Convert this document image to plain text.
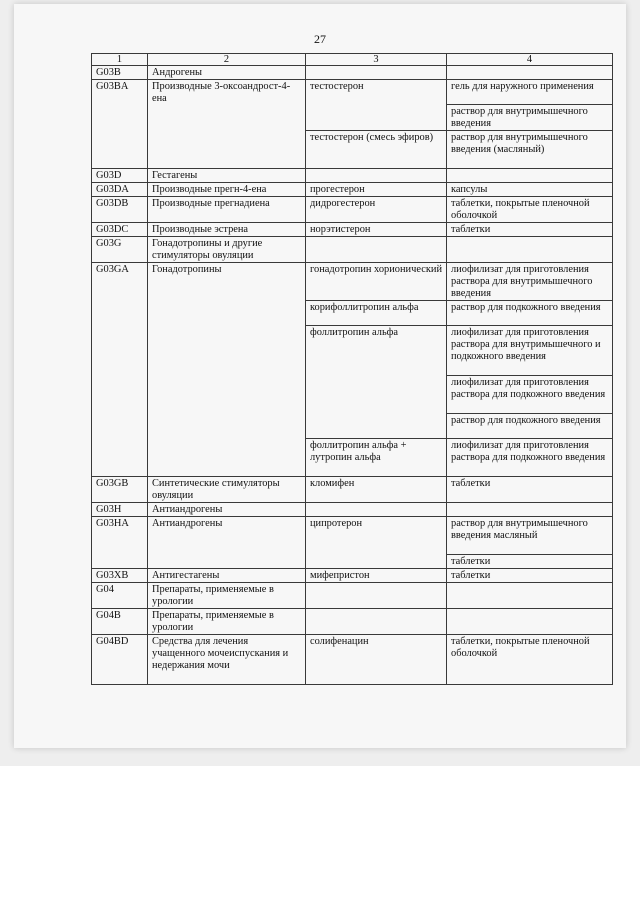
27
1	2	3	4
G03B	Андрогены		
G03BA	Производные 3-оксоандрост-4-ена	тестостерон	гель для наружного применения
			раствор для внутримышечного введения
		тестостерон (смесь эфиров)	раствор для внутримышечного введения (масляный)
G03D	Гестагены		
G03DA	Производные прегн-4-ена	прогестерон	капсулы
G03DB	Производные прегнадиена	дидрогестерон	таблетки, покрытые пленочной оболочкой
G03DC	Производные эстрена	норэтистерон	таблетки
G03G	Гонадотропины и другие стимуляторы овуляции		
G03GA	Гонадотропины	гонадотропин хорионический	лиофилизат для приготовления раствора для внутримышечного введения
		корифоллитропин альфа	раствор для подкожного введения
		фоллитропин альфа	лиофилизат для приготовления раствора для внутримышечного и подкожного введения
			лиофилизат для приготовления раствора для подкожного введения
			раствор для подкожного введения
		фоллитропин альфа + лутропин альфа	лиофилизат для приготовления раствора для подкожного введения
G03GB	Синтетические стимуляторы овуляции	кломифен	таблетки
G03H	Антиандрогены		
G03HA	Антиандрогены	ципротерон	раствор для внутримышечного введения масляный
			таблетки
G03XB	Антигестагены	мифепристон	таблетки
G04	Препараты, применяемые в урологии		
G04B	Препараты, применяемые в урологии		
G04BD	Средства для лечения учащенного мочеиспускания и недержания мочи	солифенацин	таблетки, покрытые пленочной оболочкой
